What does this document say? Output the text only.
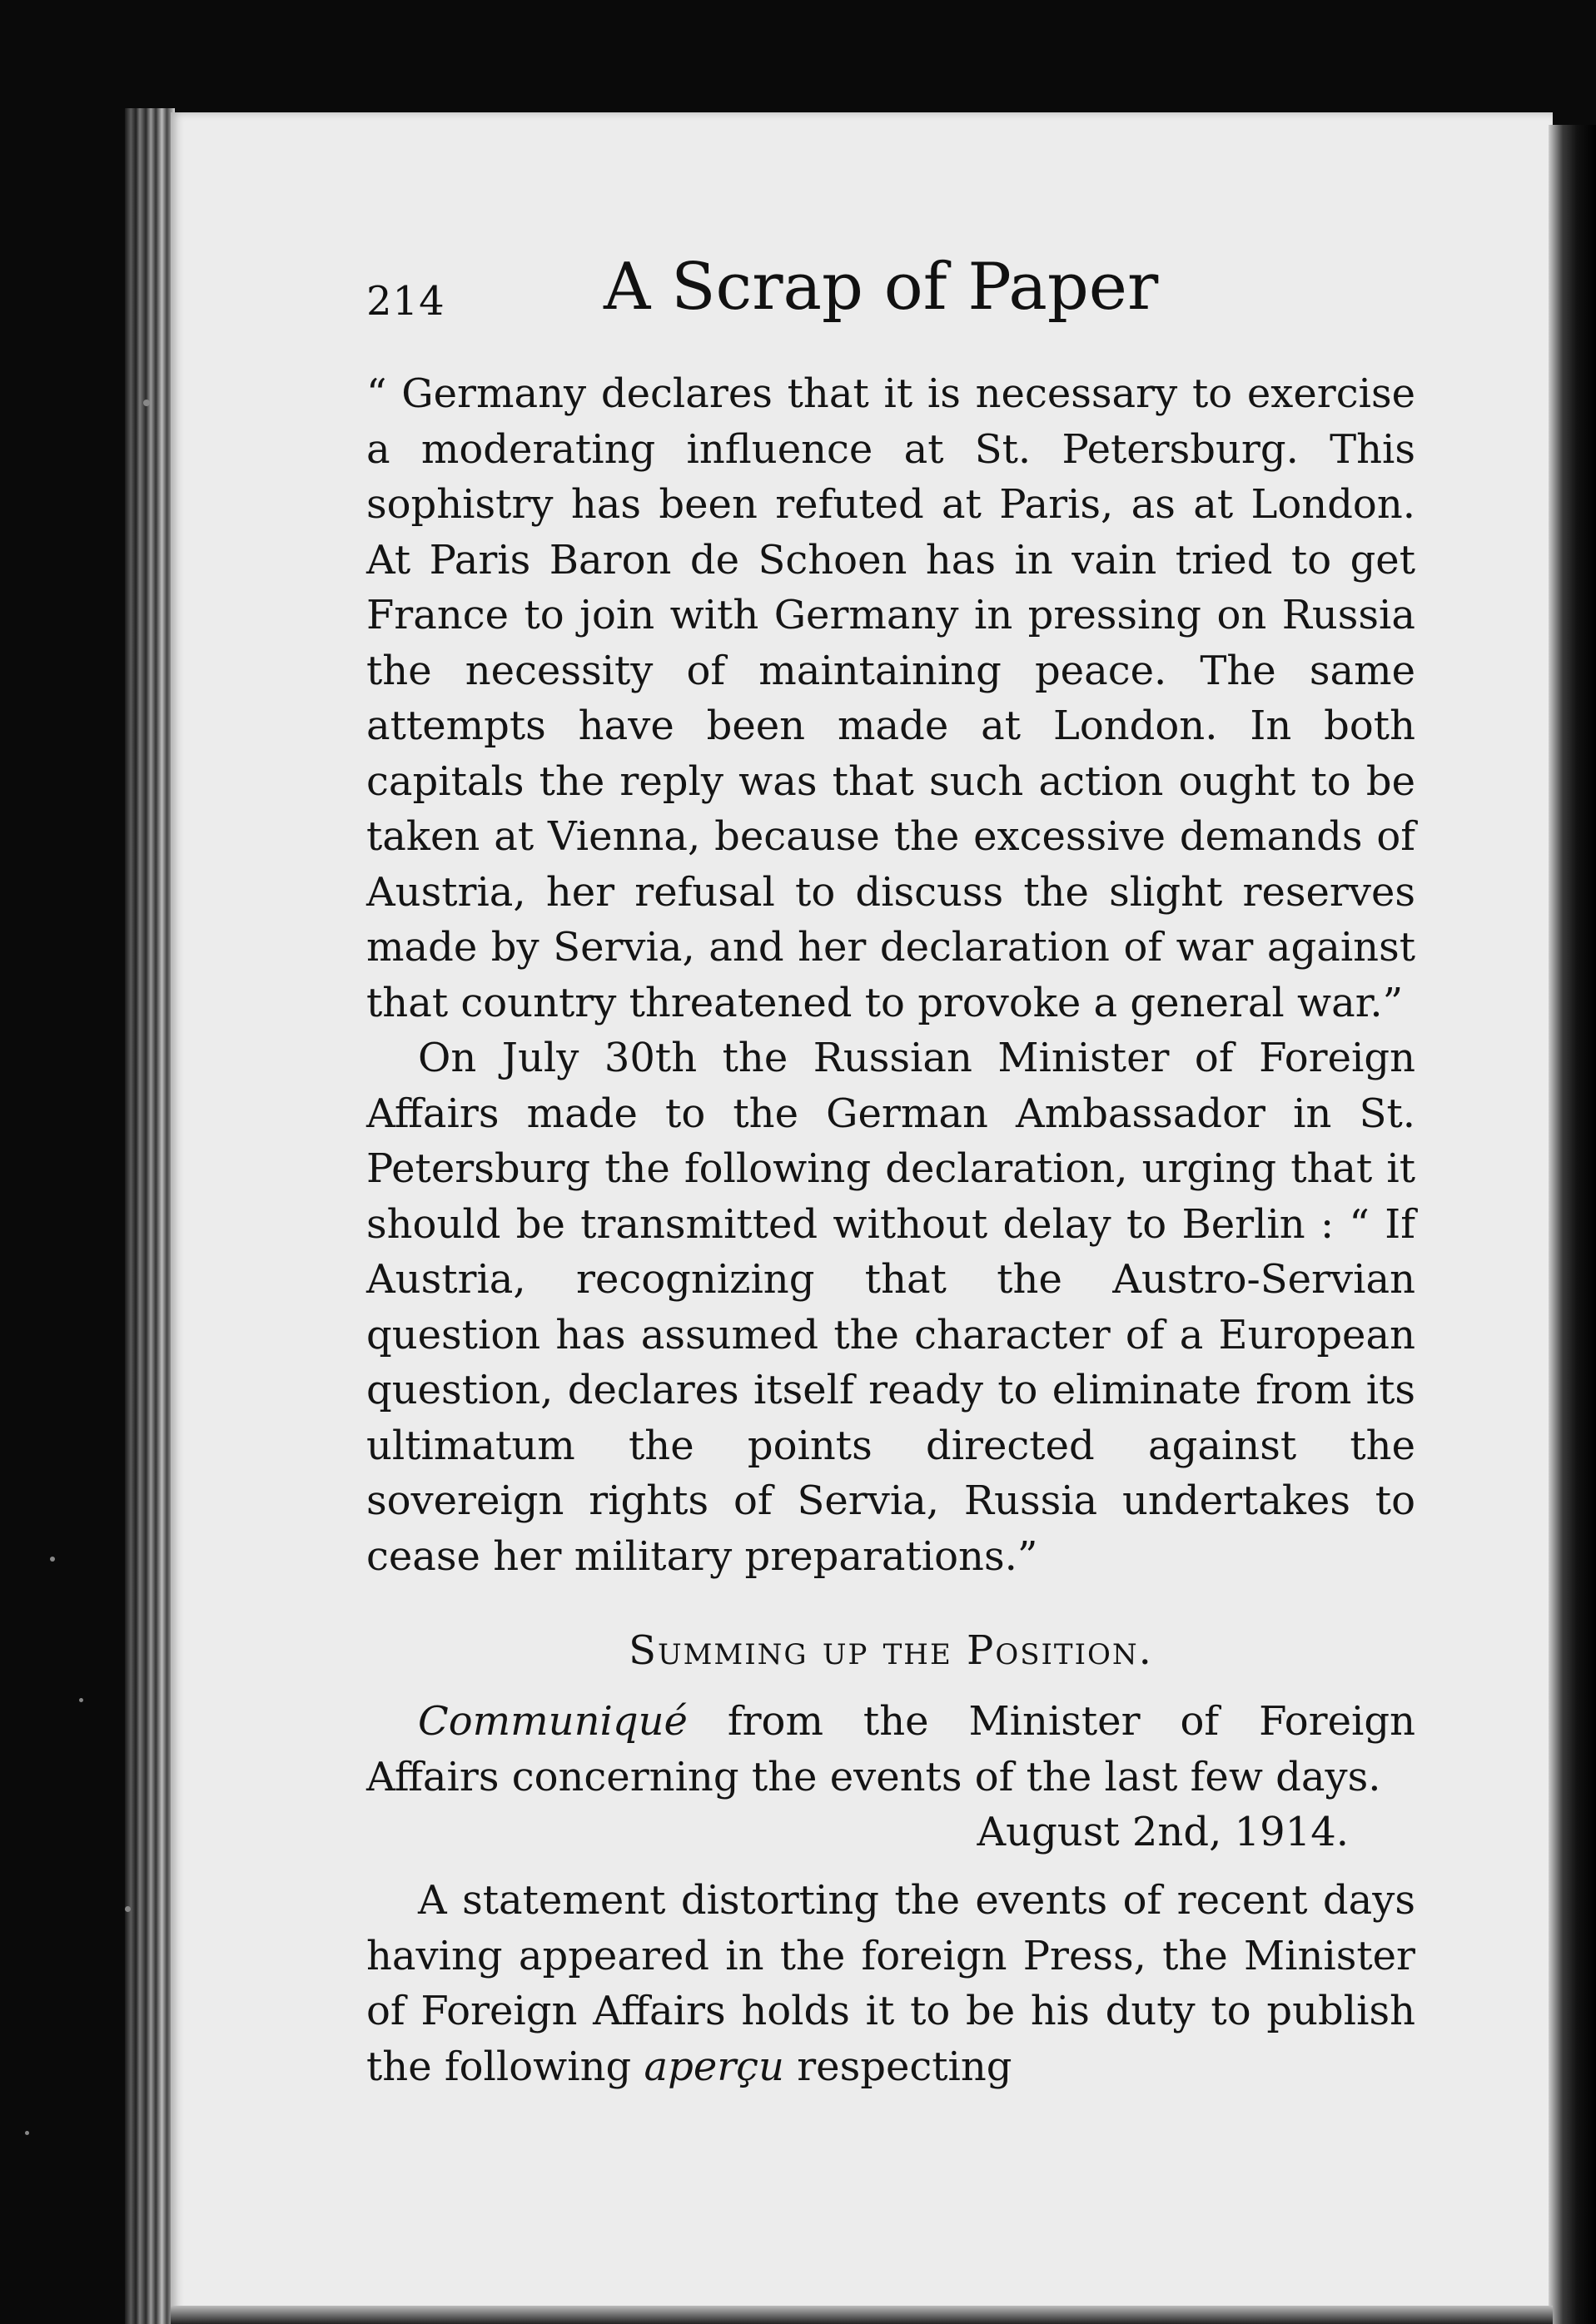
214 A Scrap of Paper

“ Germany declares that it is necessary to exercise a moderating influence at St. Petersburg. This sophistry has been refuted at Paris, as at London. At Paris Baron de Schoen has in vain tried to get France to join with Germany in pressing on Russia the necessity of maintaining peace. The same attempts have been made at London. In both capitals the reply was that such action ought to be taken at Vienna, because the excessive demands of Austria, her refusal to discuss the slight reserves made by Servia, and her declaration of war against that country threatened to provoke a general war.”

On July 30th the Russian Minister of Foreign Affairs made to the German Ambassador in St. Petersburg the following declaration, urging that it should be transmitted without delay to Berlin : “ If Austria, recognizing that the Austro-Servian question has assumed the character of a European question, declares itself ready to eliminate from its ultimatum the points directed against the sovereign rights of Servia, Russia undertakes to cease her military preparations.”

Summing up the Position.

Communiqué from the Minister of Foreign Affairs concerning the events of the last few days.

August 2nd, 1914.

A statement distorting the events of recent days having appeared in the foreign Press, the Minister of Foreign Affairs holds it to be his duty to publish the following aperçu respecting
